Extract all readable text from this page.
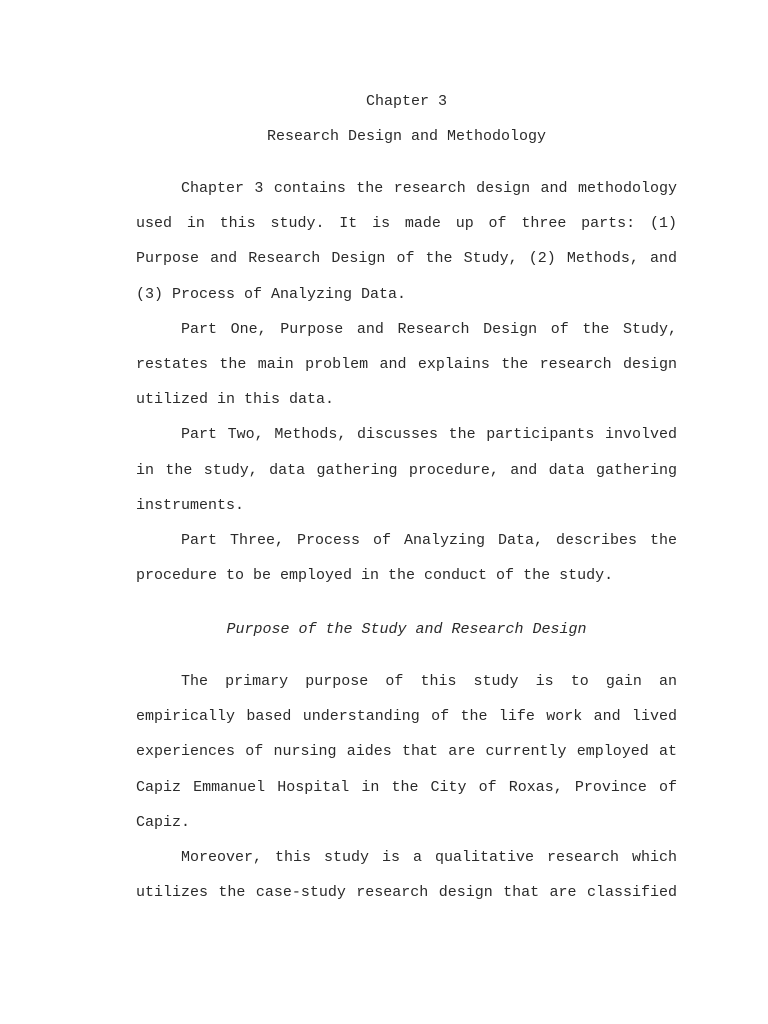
Chapter 3
Research Design and Methodology

Chapter 3 contains the research design and methodology used in this study. It is made up of three parts: (1) Purpose and Research Design of the Study, (2) Methods, and (3) Process of Analyzing Data.

Part One, Purpose and Research Design of the Study, restates the main problem and explains the research design utilized in this data.

Part Two, Methods, discusses the participants involved in the study, data gathering procedure, and data gathering instruments.

Part Three, Process of Analyzing Data, describes the procedure to be employed in the conduct of the study.

Purpose of the Study and Research Design

The primary purpose of this study is to gain an empirically based understanding of the life work and lived experiences of nursing aides that are currently employed at Capiz Emmanuel Hospital in the City of Roxas, Province of Capiz.

Moreover, this study is a qualitative research which utilizes the case-study research design that are classified
